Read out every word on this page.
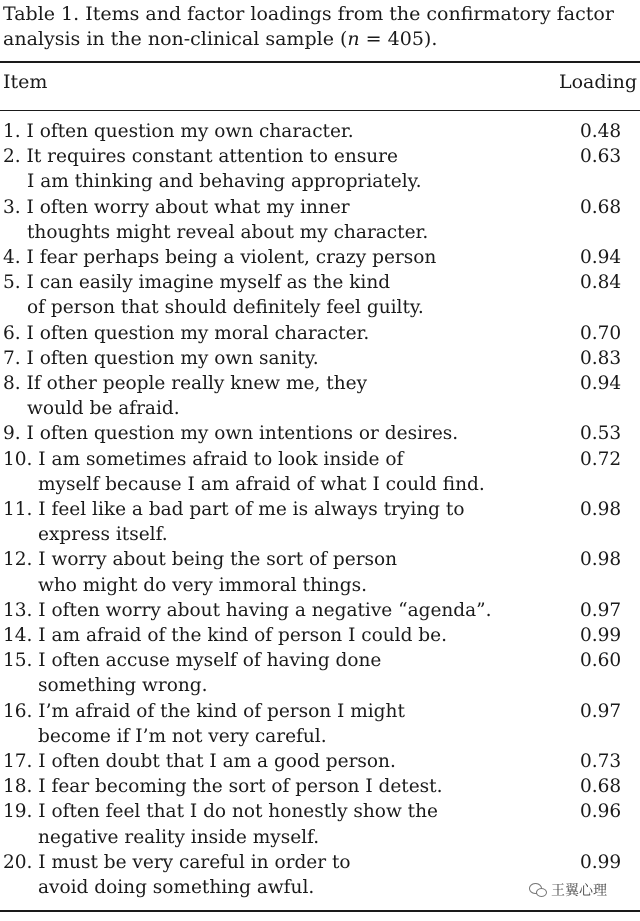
Table 1. Items and factor loadings from the confirmatory factor
analysis in the non-clinical sample (n = 405).
Item	Loading
1. I often question my own character.	0.48
2. It requires constant attention to ensure
I am thinking and behaving appropriately.
0.63
3. I often worry about what my inner
thoughts might reveal about my character.
0.68
4. I fear perhaps being a violent, crazy person	0.94
5. I can easily imagine myself as the kind
of person that should definitely feel guilty.
0.84
6. I often question my moral character.	0.70
7. I often question my own sanity.	0.83
8. If other people really knew me, they
would be afraid.
0.94
9. I often question my own intentions or desires.	0.53
10. I am sometimes afraid to look inside of
myself because I am afraid of what I could find.
0.72
11. I feel like a bad part of me is always trying to
express itself.
0.98
12. I worry about being the sort of person
who might do very immoral things.
0.98
13. I often worry about having a negative “agenda”.	0.97
14. I am afraid of the kind of person I could be.	0.99
15. I often accuse myself of having done
something wrong.
0.60
16. I’m afraid of the kind of person I might
become if I’m not very careful.
0.97
17. I often doubt that I am a good person.	0.73
18. I fear becoming the sort of person I detest.	0.68
19. I often feel that I do not honestly show the
negative reality inside myself.
0.96
20. I must be very careful in order to
avoid doing something awful.
0.99
王翼心理
